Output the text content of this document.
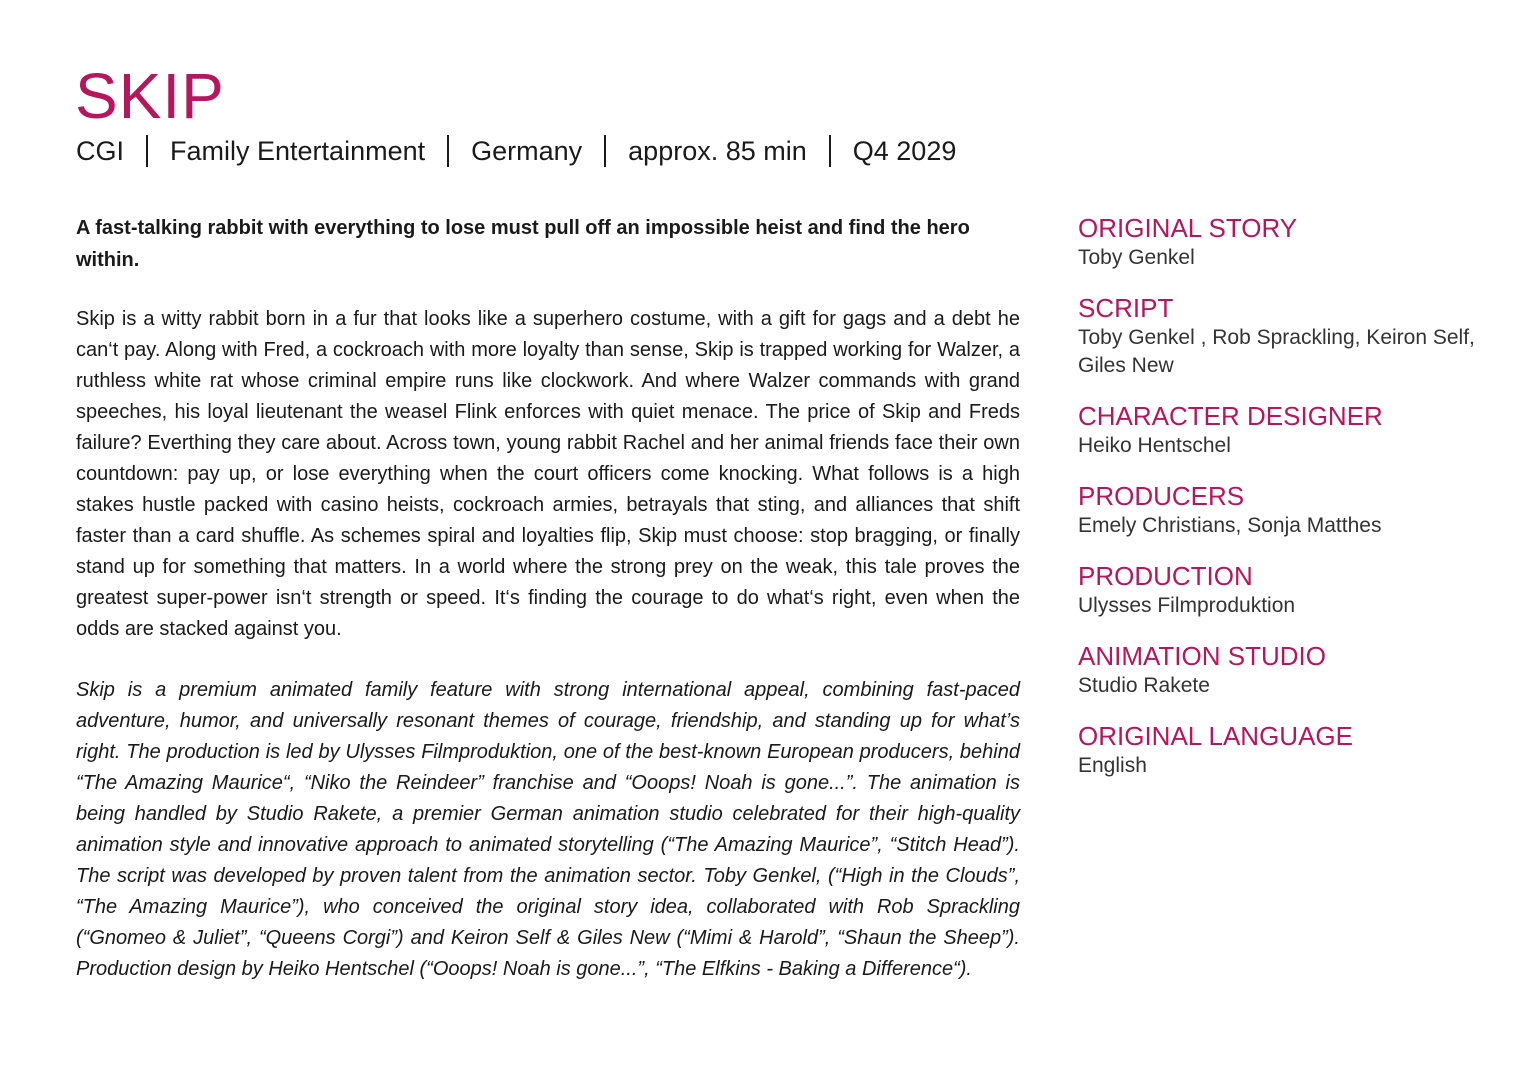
SKIP
CGI Family Entertainment Germany approx. 85 min Q4 2029

A fast-talking rabbit with everything to lose must pull off an impossible heist and find the hero within.

Skip is a witty rabbit born in a fur that looks like a superhero costume, with a gift for gags and a debt he can‘t pay. Along with Fred, a cockroach with more loyalty than sense, Skip is trapped working for Walzer, a ruthless white rat whose criminal empire runs like clockwork. And where Walzer commands with grand speeches, his loyal lieutenant the weasel Flink enforces with quiet menace. The price of Skip and Freds failure? Everthing they care about. Across town, young rabbit Rachel and her animal friends face their own countdown: pay up, or lose everything when the court officers come knocking. What follows is a high stakes hustle packed with casino heists, cockroach armies, betrayals that sting, and alliances that shift faster than a card shuffle. As schemes spiral and loyalties flip, Skip must choose: stop bragging, or finally stand up for something that matters. In a world where the strong prey on the weak, this tale proves the greatest super-power isn‘t strength or speed. It‘s finding the courage to do what‘s right, even when the odds are stacked against you.

Skip is a premium animated family feature with strong international appeal, combining fast-paced adventure, humor, and universally resonant themes of courage, friendship, and standing up for what’s right. The production is led by Ulysses Filmproduktion, one of the best-known European producers, behind “The Amazing Maurice“, “Niko the Reindeer” franchise and “Ooops! Noah is gone...”. The animation is being handled by Studio Rakete, a premier German animation studio celebrated for their high-quality animation style and innovative approach to animated storytelling (“The Amazing Maurice”, “Stitch Head”). The script was developed by proven talent from the animation sector. Toby Genkel, (“High in the Clouds”, “The Amazing Maurice”), who conceived the original story idea, collaborated with Rob Sprackling (“Gnomeo & Juliet”, “Queens Corgi”) and Keiron Self & Giles New (“Mimi & Harold”, “Shaun the Sheep”). Production design by Heiko Hentschel (“Ooops! Noah is gone...”, “The Elfkins - Baking a Difference“).

ORIGINAL STORY
Toby Genkel
SCRIPT
Toby Genkel , Rob Sprackling, Keiron Self, Giles New
CHARACTER DESIGNER
Heiko Hentschel
PRODUCERS
Emely Christians, Sonja Matthes
PRODUCTION
Ulysses Filmproduktion
ANIMATION STUDIO
Studio Rakete
ORIGINAL LANGUAGE
English
